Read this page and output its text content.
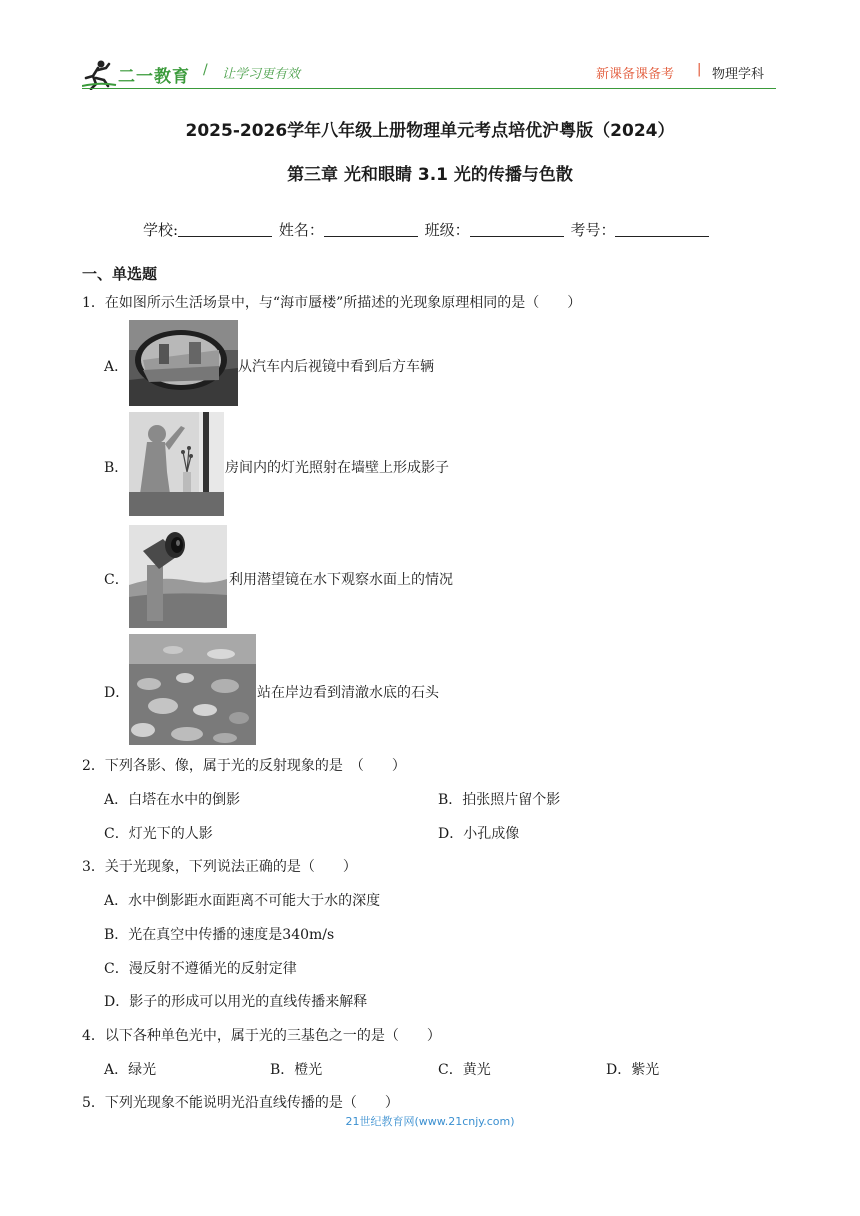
二一教育 / 让学习更有效	新课备课备考 | 物理学科
2025-2026学年八年级上册物理单元考点培优沪粤版（2024）
第三章 光和眼睛 3.1 光的传播与色散
学校:	姓名：	班级：	考号：
一、单选题
1．在如图所示生活场景中，与“海市蜃楼”所描述的光现象原理相同的是（　　）
A．	从汽车内后视镜中看到后方车辆
B．	房间内的灯光照射在墙壁上形成影子
C．	利用潜望镜在水下观察水面上的情况
D．	站在岸边看到清澈水底的石头
2．下列各影、像，属于光的反射现象的是　（　　）
A．白塔在水中的倒影	B．拍张照片留个影
C．灯光下的人影	D．小孔成像
3．关于光现象，下列说法正确的是（　　）
A．水中倒影距水面距离不可能大于水的深度
B．光在真空中传播的速度是340m/s
C．漫反射不遵循光的反射定律
D．影子的形成可以用光的直线传播来解释
4．以下各种单色光中，属于光的三基色之一的是（　　）
A．绿光	B．橙光	C．黄光	D．紫光
5．下列光现象不能说明光沿直线传播的是（　　）
21世纪教育网(www.21cnjy.com)
